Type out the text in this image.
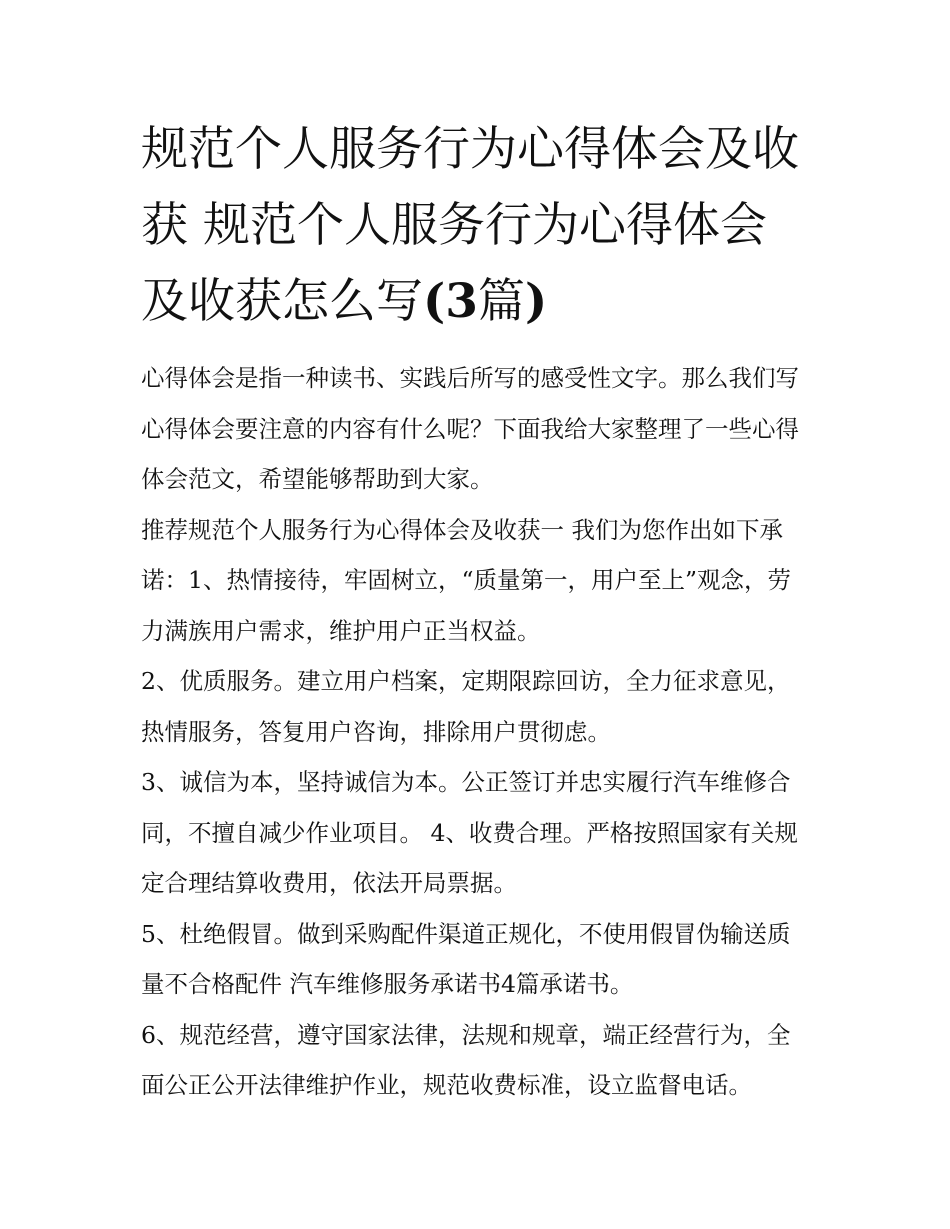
规范个人服务行为心得体会及收获 规范个人服务行为心得体会及收获怎么写(3篇)

心得体会是指一种读书、实践后所写的感受性文字。那么我们写心得体会要注意的内容有什么呢？下面我给大家整理了一些心得体会范文，希望能够帮助到大家。

推荐规范个人服务行为心得体会及收获一 我们为您作出如下承诺：1、热情接待，牢固树立，“质量第一，用户至上”观念，劳力满族用户需求，维护用户正当权益。

2、优质服务。建立用户档案，定期限踪回访，全力征求意见，热情服务，答复用户咨询，排除用户贯彻虑。

3、诚信为本，坚持诚信为本。公正签订并忠实履行汽车维修合同，不擅自减少作业项目。 4、收费合理。严格按照国家有关规定合理结算收费用，依法开局票据。

5、杜绝假冒。做到采购配件渠道正规化，不使用假冒伪输送质量不合格配件 汽车维修服务承诺书4篇承诺书。

6、规范经营，遵守国家法律，法规和规章，端正经营行为，全面公正公开法律维护作业，规范收费标准，设立监督电话。
